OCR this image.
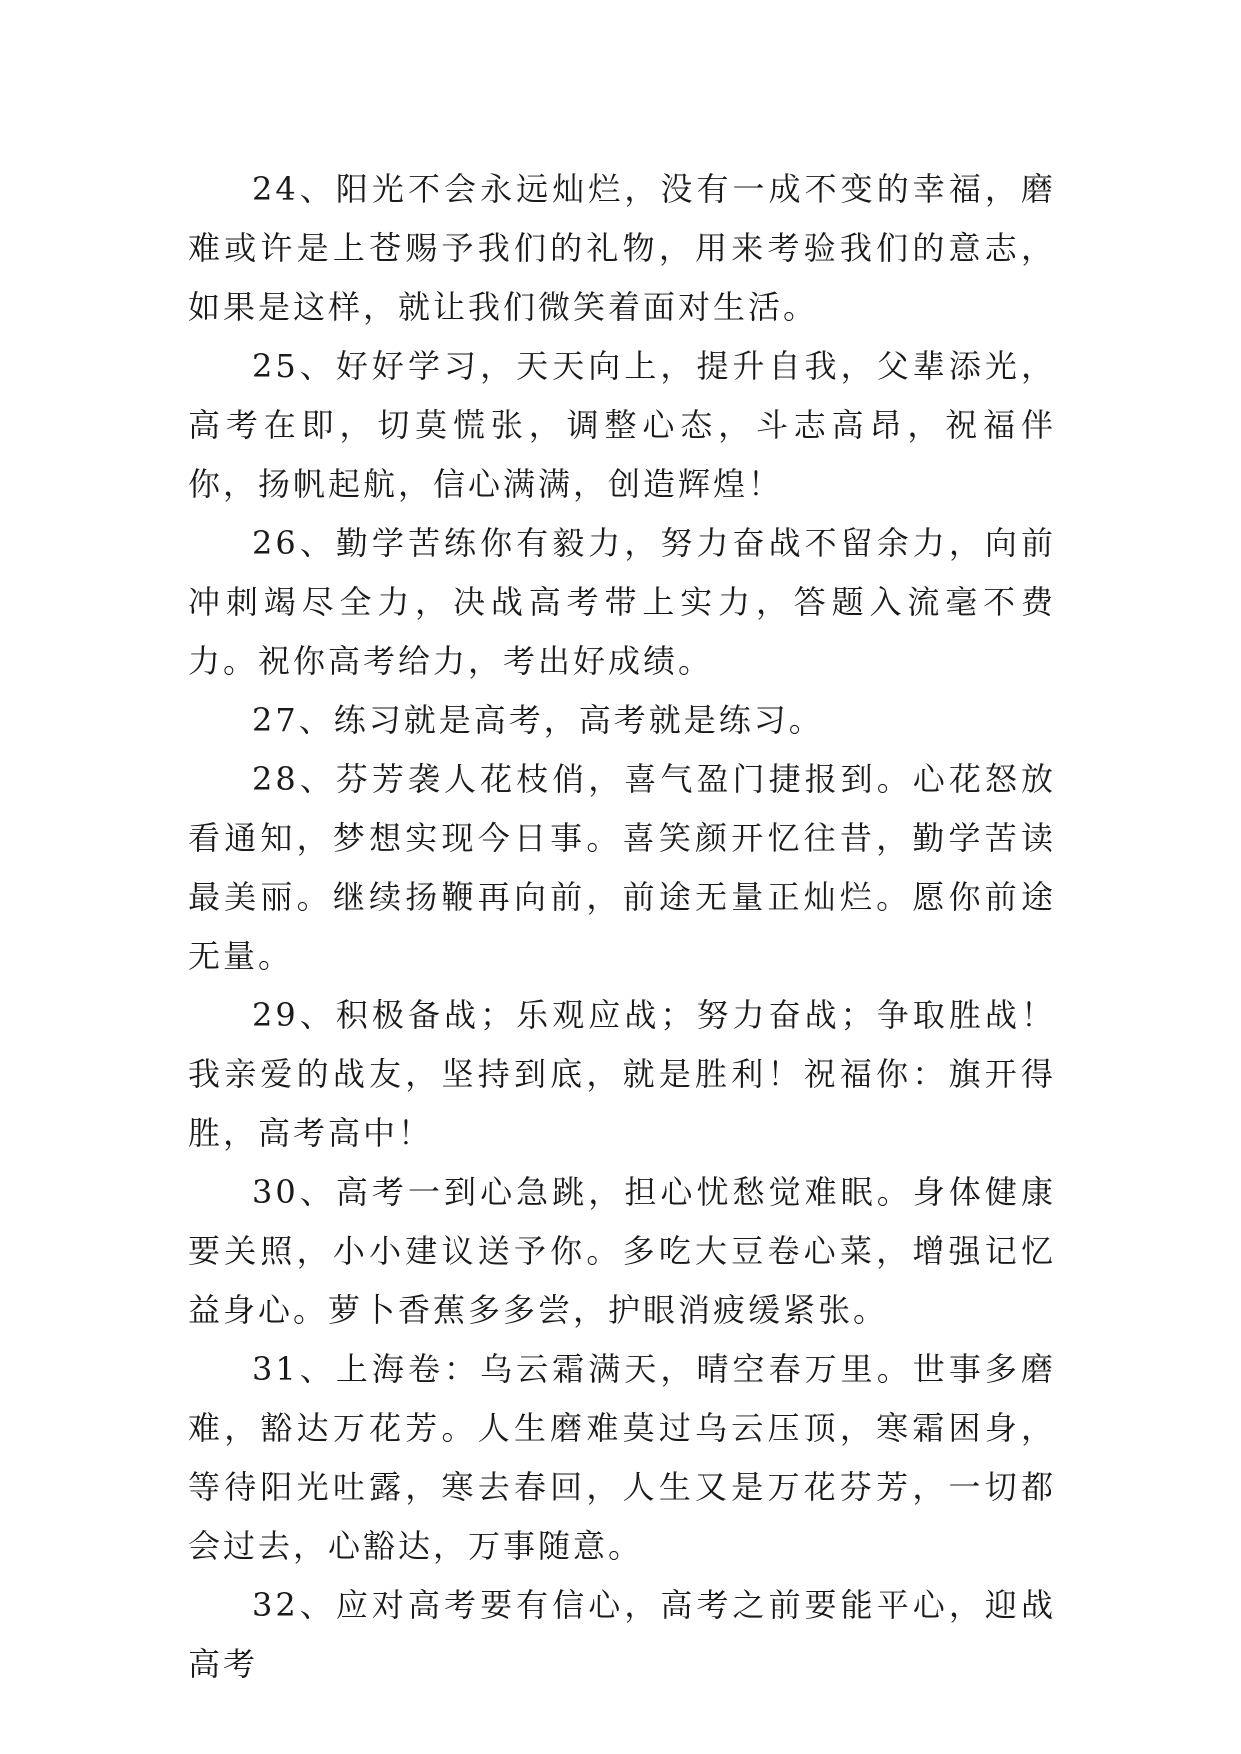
24、阳光不会永远灿烂，没有一成不变的幸福，磨难或许是上苍赐予我们的礼物，用来考验我们的意志，如果是这样，就让我们微笑着面对生活。

25、好好学习，天天向上，提升自我，父辈添光，高考在即，切莫慌张，调整心态，斗志高昂，祝福伴你，扬帆起航，信心满满，创造辉煌！

26、勤学苦练你有毅力，努力奋战不留余力，向前冲刺竭尽全力，决战高考带上实力，答题入流毫不费力。祝你高考给力，考出好成绩。

27、练习就是高考，高考就是练习。

28、芬芳袭人花枝俏，喜气盈门捷报到。心花怒放看通知，梦想实现今日事。喜笑颜开忆往昔，勤学苦读最美丽。继续扬鞭再向前，前途无量正灿烂。愿你前途无量。

29、积极备战；乐观应战；努力奋战；争取胜战！我亲爱的战友，坚持到底，就是胜利！祝福你：旗开得胜，高考高中！

30、高考一到心急跳，担心忧愁觉难眠。身体健康要关照，小小建议送予你。多吃大豆卷心菜，增强记忆益身心。萝卜香蕉多多尝，护眼消疲缓紧张。

31、上海卷：乌云霜满天，晴空春万里。世事多磨难，豁达万花芳。人生磨难莫过乌云压顶，寒霜困身，等待阳光吐露，寒去春回，人生又是万花芬芳，一切都会过去，心豁达，万事随意。

32、应对高考要有信心，高考之前要能平心，迎战高考
